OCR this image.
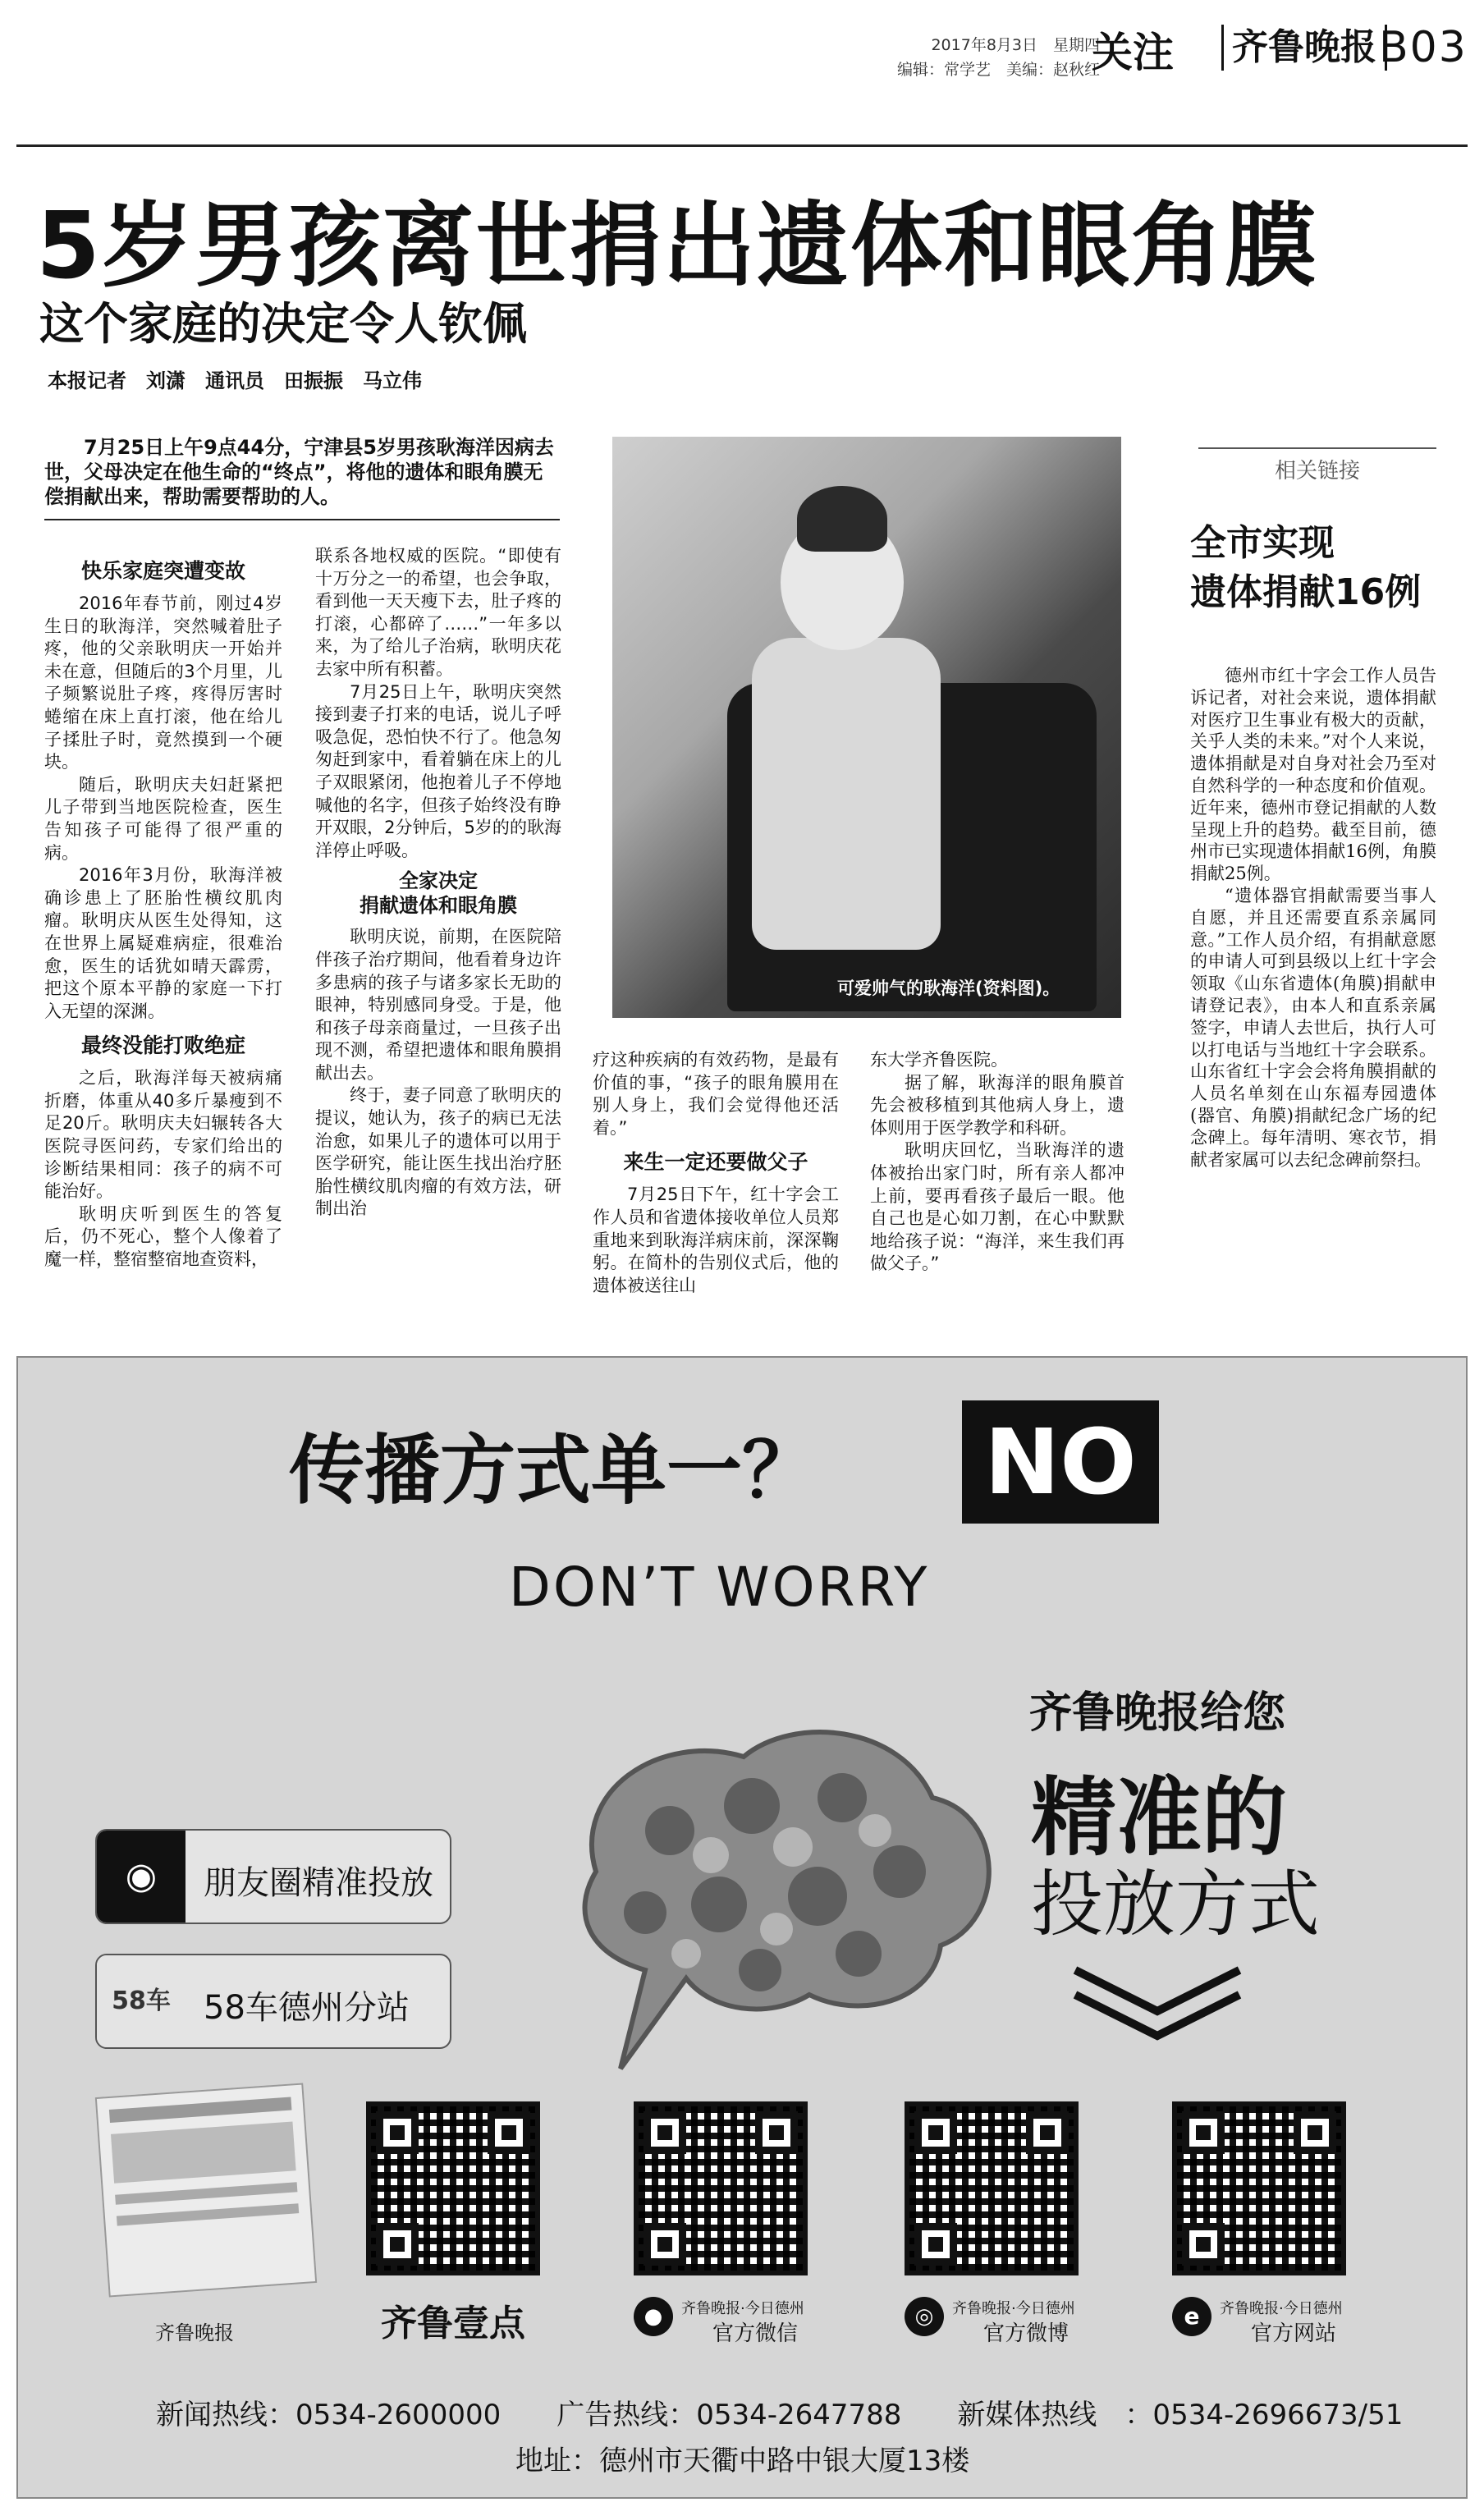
2017年8月3日　星期四
编辑：常学艺　美编：赵秋红
关注 齐鲁晚报 B03
5岁男孩离世捐出遗体和眼角膜
这个家庭的决定令人钦佩
本报记者　刘潇　通讯员　田振振　马立伟
7月25日上午9点44分，宁津县5岁男孩耿海洋因病去世，父母决定在他生命的“终点”，将他的遗体和眼角膜无偿捐献出来，帮助需要帮助的人。
快乐家庭突遭变故

2016年春节前，刚过4岁生日的耿海洋，突然喊着肚子疼，他的父亲耿明庆一开始并未在意，但随后的3个月里，儿子频繁说肚子疼，疼得厉害时蜷缩在床上直打滚，他在给儿子揉肚子时，竟然摸到一个硬块。

随后，耿明庆夫妇赶紧把儿子带到当地医院检查，医生告知孩子可能得了很严重的病。

2016年3月份，耿海洋被确诊患上了胚胎性横纹肌肉瘤。耿明庆从医生处得知，这在世界上属疑难病症，很难治愈，医生的话犹如晴天霹雳，把这个原本平静的家庭一下打入无望的深渊。

最终没能打败绝症

之后，耿海洋每天被病痛折磨，体重从40多斤暴瘦到不足20斤。耿明庆夫妇辗转各大医院寻医问药，专家们给出的诊断结果相同：孩子的病不可能治好。

耿明庆听到医生的答复后，仍不死心，整个人像着了魔一样，整宿整宿地查资料，

联系各地权威的医院。“即使有十万分之一的希望，也会争取，看到他一天天瘦下去，肚子疼的打滚，心都碎了……”一年多以来，为了给儿子治病，耿明庆花去家中所有积蓄。

7月25日上午，耿明庆突然接到妻子打来的电话，说儿子呼吸急促，恐怕快不行了。他急匆匆赶到家中，看着躺在床上的儿子双眼紧闭，他抱着儿子不停地喊他的名字，但孩子始终没有睁开双眼，2分钟后，5岁的的耿海洋停止呼吸。

全家决定
捐献遗体和眼角膜

耿明庆说，前期，在医院陪伴孩子治疗期间，他看着身边许多患病的孩子与诸多家长无助的眼神，特别感同身受。于是，他和孩子母亲商量过，一旦孩子出现不测，希望把遗体和眼角膜捐献出去。

终于，妻子同意了耿明庆的提议，她认为，孩子的病已无法治愈，如果儿子的遗体可以用于医学研究，能让医生找出治疗胚胎性横纹肌肉瘤的有效方法，研制出治

可爱帅气的耿海洋(资料图)。

疗这种疾病的有效药物，是最有价值的事，“孩子的眼角膜用在别人身上，我们会觉得他还活着。”

来生一定还要做父子

7月25日下午，红十字会工作人员和省遗体接收单位人员郑重地来到耿海洋病床前，深深鞠躬。在简朴的告别仪式后，他的遗体被送往山

东大学齐鲁医院。

据了解，耿海洋的眼角膜首先会被移植到其他病人身上，遗体则用于医学教学和科研。

耿明庆回忆，当耿海洋的遗体被抬出家门时，所有亲人都冲上前，要再看孩子最后一眼。他自己也是心如刀割，在心中默默地给孩子说：“海洋，来生我们再做父子。”

相关链接
全市实现
遗体捐献16例

德州市红十字会工作人员告诉记者，对社会来说，遗体捐献对医疗卫生事业有极大的贡献，关乎人类的未来。”对个人来说，遗体捐献是对自身对社会乃至对自然科学的一种态度和价值观。近年来，德州市登记捐献的人数呈现上升的趋势。截至目前，德州市已实现遗体捐献16例，角膜捐献25例。

“遗体器官捐献需要当事人自愿，并且还需要直系亲属同意。”工作人员介绍，有捐献意愿的申请人可到县级以上红十字会领取《山东省遗体(角膜)捐献申请登记表》，由本人和直系亲属签字，申请人去世后，执行人可以打电话与当地红十字会联系。山东省红十字会会将角膜捐献的人员名单刻在山东福寿园遗体(器官、角膜)捐献纪念广场的纪念碑上。每年清明、寒衣节，捐献者家属可以去纪念碑前祭扫。

传播方式单一？ NO
DON’T WORRY
齐鲁晚报给您
精准的
投放方式
◉	朋友圈精准投放
58车	58车德州分站
齐鲁晚报	齐鲁壹点	●	齐鲁晚报·今日德州
官方微信
◎	齐鲁晚报·今日德州
官方微博
e	齐鲁晚报·今日德州
官方网站
新闻热线：0534-2600000　　广告热线：0534-2647788　　新媒体热线　：0534-2696673/51
地址：德州市天衢中路中银大厦13楼
